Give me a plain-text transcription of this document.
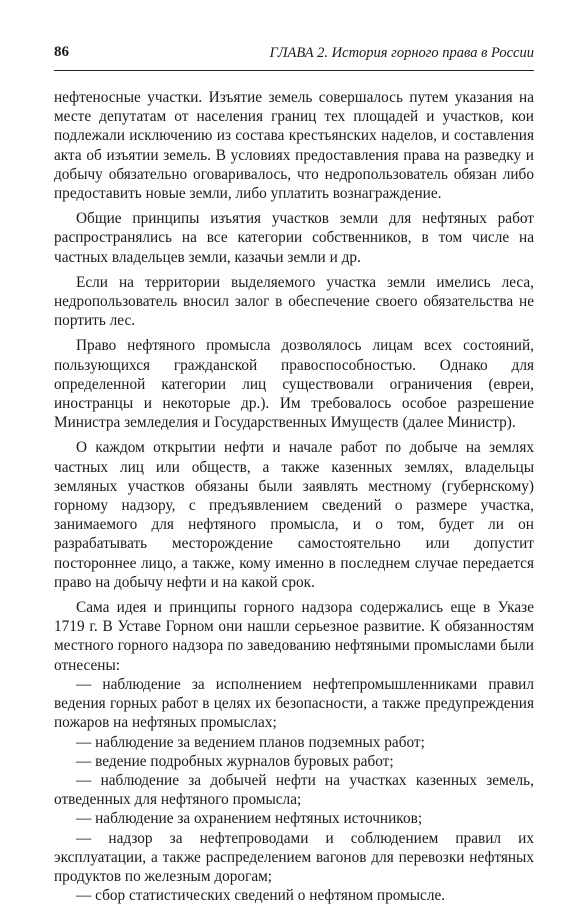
86	ГЛАВА 2. История горного права в России

нефтеносные участки. Изъятие земель совершалось путем указания на месте депутатам от населения границ тех площадей и участков, кои подлежали исключению из состава крестьянских наделов, и составления акта об изъятии земель. В условиях предоставления права на разведку и добычу обязательно оговаривалось, что недропользователь обязан либо предоставить новые земли, либо уплатить вознаграждение.

Общие принципы изъятия участков земли для нефтяных работ распространялись на все категории собственников, в том числе на частных владельцев земли, казачьи земли и др.

Если на территории выделяемого участка земли имелись леса, недропользователь вносил залог в обеспечение своего обязательства не портить лес.

Право нефтяного промысла дозволялось лицам всех состояний, пользующихся гражданской правоспособностью. Однако для определенной категории лиц существовали ограничения (евреи, иностранцы и некоторые др.). Им требовалось особое разрешение Министра земледелия и Государственных Имуществ (далее Министр).

О каждом открытии нефти и начале работ по добыче на землях частных лиц или обществ, а также казенных землях, владельцы земляных участков обязаны были заявлять местному (губернскому) горному надзору, с предъявлением сведений о размере участка, занимаемого для нефтяного промысла, и о том, будет ли он разрабатывать месторождение самостоятельно или допустит постороннее лицо, а также, кому именно в последнем случае передается право на добычу нефти и на какой срок.

Сама идея и принципы горного надзора содержались еще в Указе 1719 г. В Уставе Горном они нашли серьезное развитие. К обязанностям местного горного надзора по заведованию нефтяными промыслами были отнесены:

— наблюдение за исполнением нефтепромышленниками правил ведения горных работ в целях их безопасности, а также предупреждения пожаров на нефтяных промыслах;

— наблюдение за ведением планов подземных работ;

— ведение подробных журналов буровых работ;

— наблюдение за добычей нефти на участках казенных земель, отведенных для нефтяного промысла;

— наблюдение за охранением нефтяных источников;

— надзор за нефтепроводами и соблюдением правил их эксплуатации, а также распределением вагонов для перевозки нефтяных продуктов по железным дорогам;

— сбор статистических сведений о нефтяном промысле.
